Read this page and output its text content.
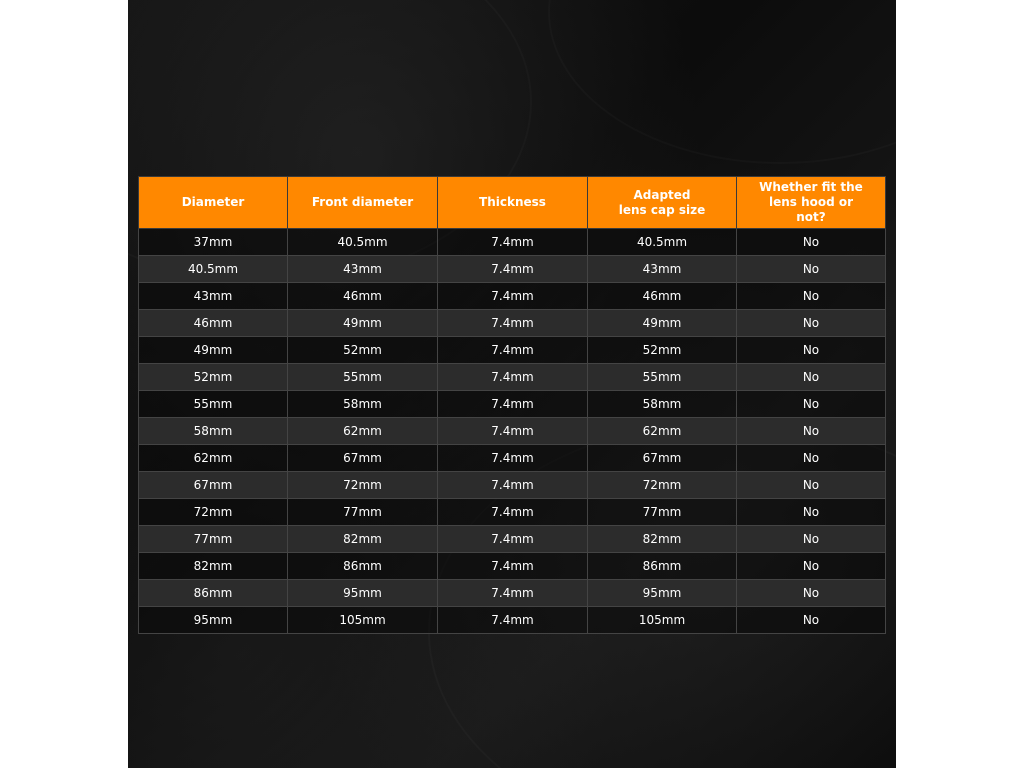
Diameter	Front diameter	Thickness	Adapted lens cap size	Whether fit the lens hood or not?
37mm	40.5mm	7.4mm	40.5mm	No
40.5mm	43mm	7.4mm	43mm	No
43mm	46mm	7.4mm	46mm	No
46mm	49mm	7.4mm	49mm	No
49mm	52mm	7.4mm	52mm	No
52mm	55mm	7.4mm	55mm	No
55mm	58mm	7.4mm	58mm	No
58mm	62mm	7.4mm	62mm	No
62mm	67mm	7.4mm	67mm	No
67mm	72mm	7.4mm	72mm	No
72mm	77mm	7.4mm	77mm	No
77mm	82mm	7.4mm	82mm	No
82mm	86mm	7.4mm	86mm	No
86mm	95mm	7.4mm	95mm	No
95mm	105mm	7.4mm	105mm	No
